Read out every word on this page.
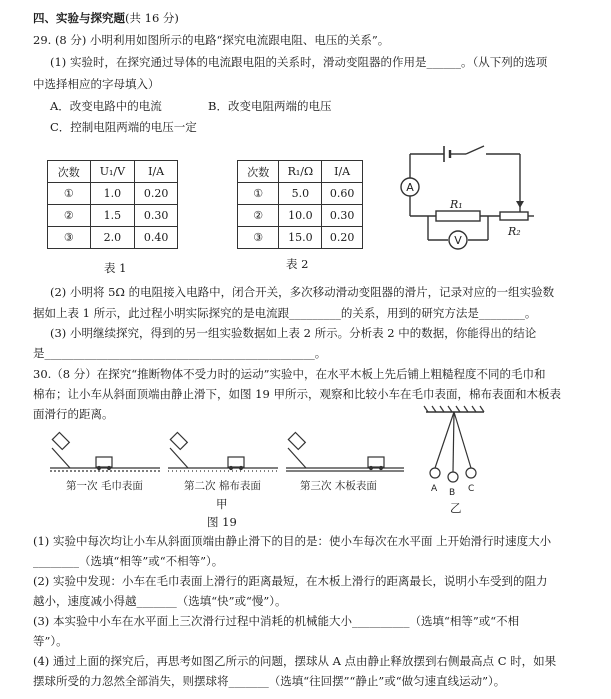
四、实验与探究题(共 16 分)
29. (8 分) 小明利用如图所示的电路“探究电流跟电阻、电压的关系”。
(1) 实验时，在探究通过导体的电流跟电阻的关系时，滑动变阻器的作用是______。（从下列的选项
中选择相应的字母填入）
A．改变电路中的电流	B．改变电阻两端的电压
C．控制电阻两端的电压一定
次数	U₁/V	I/A
①	1.0	0.20
②	1.5	0.30
③	2.0	0.40
表 1
次数	R₁/Ω	I/A
①	5.0	0.60
②	10.0	0.30
③	15.0	0.20
表 2
A
V
R₁
R₂
(2) 小明将 5Ω 的电阻接入电路中，闭合开关，多次移动滑动变阻器的滑片，记录对应的一组实验数
据如上表 1 所示，此过程小明实际探究的是电流跟_________的关系，用到的研究方法是________。
(3) 小明继续探究，得到的另一组实验数据如上表 2 所示。分析表 2 中的数据，你能得出的结论
是_______________________________________________。
30.（8 分）在探究“推断物体不受力时的运动”实验中，在水平木板上先后铺上粗糙程度不同的毛巾和
棉布；让小车从斜面顶端由静止滑下，如图 19 甲所示，观察和比较小车在毛巾表面，棉布表面和木板表
面滑行的距离。
第一次 毛巾表面	第二次 棉布表面	第三次 木板表面
甲
图 19
A B C
乙
(1) 实验中每次均让小车从斜面顶端由静止滑下的目的是：使小车每次在水平面 上开始滑行时速度大小
________（选填“相等”或“不相等”）。
(2) 实验中发现：小车在毛巾表面上滑行的距离最短，在木板上滑行的距离最长，说明小车受到的阻力
越小，速度减小得越_______（选填“快”或“慢”）。
(3) 本实验中小车在水平面上三次滑行过程中消耗的机械能大小__________（选填“相等”或“不相
等”）。
(4) 通过上面的探究后，再思考如图乙所示的问题，摆球从 A 点由静止释放摆到右侧最高点 C 时，如果
摆球所受的力忽然全部消失，则摆球将_______（选填“往回摆”“静止”或“做匀速直线运动”）。
